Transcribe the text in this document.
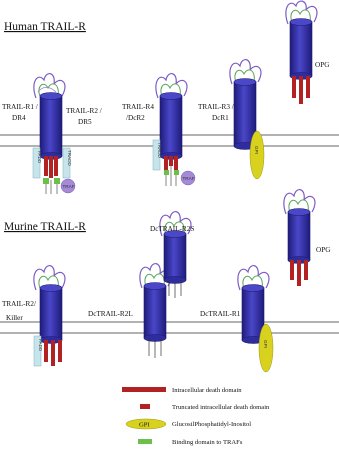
Human TRAIL-R
Murine TRAIL-R
FADD	TRADD
TRAF
TRAIL-R1 /
DR4
TRAIL-R2 /
DR5
TRADD
TRAF
TRAIL-R4
/DcR2
GPI
TRAIL-R3 /
DcR1
OPG
FADD
TRAIL-R2/
Killer	DcTRAIL-R2L
DcTRAIL-R2S
GPI
DcTRAIL-R1
OPG
Intracellular death domain
Truncated intracellular death domain
GPI	GlucosilPhosphatidyl-Inositol
Binding domain to TRAFs
